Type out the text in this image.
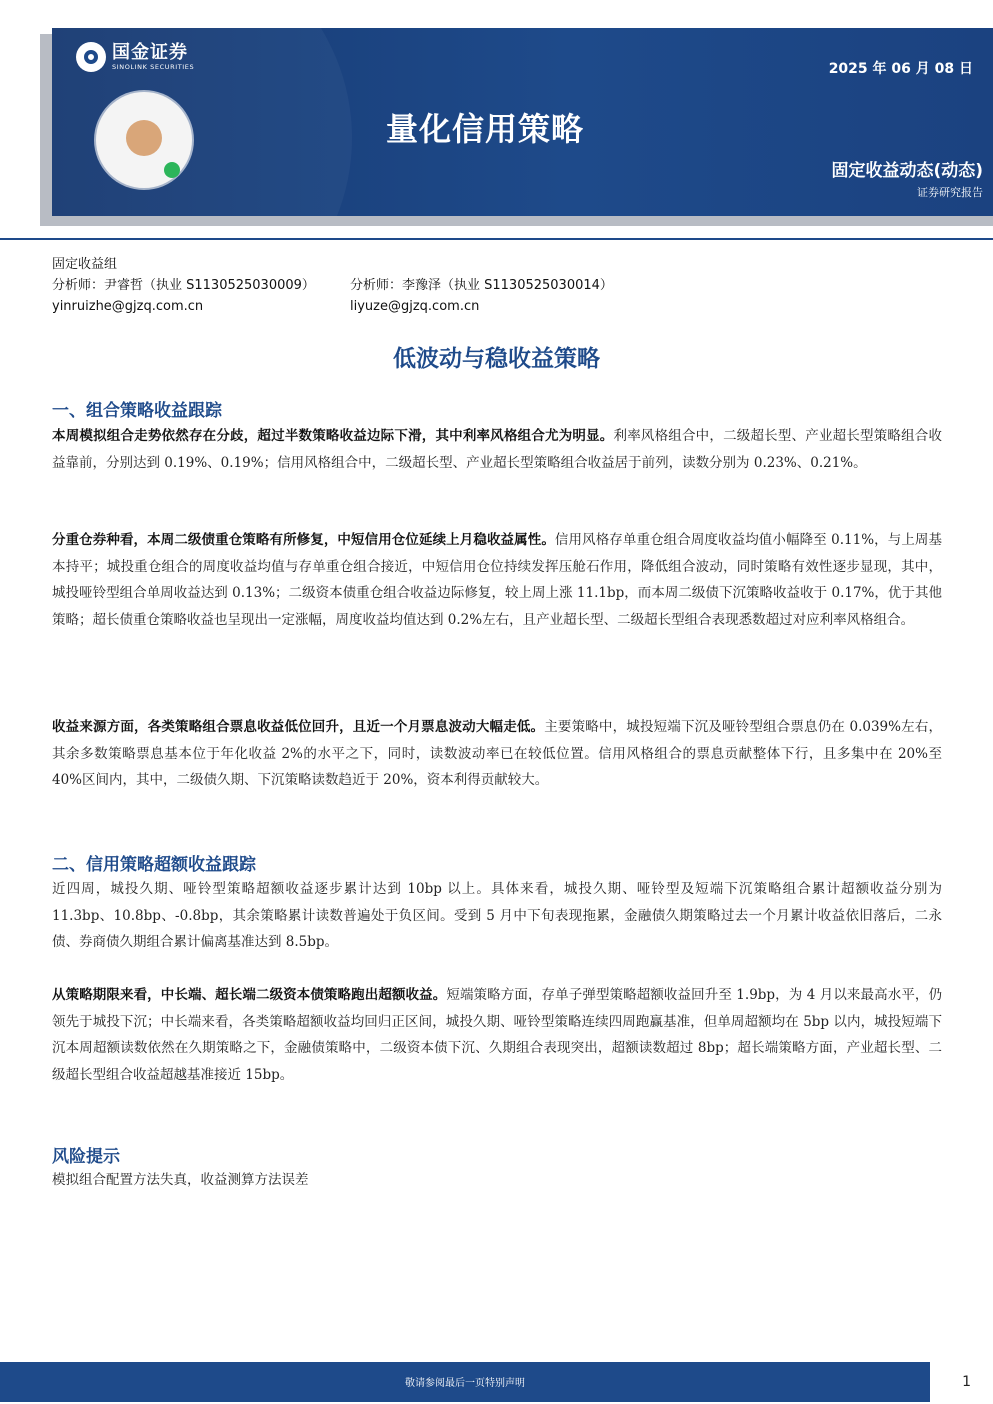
国金证券
SINOLINK SECURITIES	2025 年 06 月 08 日
量化信用策略
固定收益动态(动态)
证券研究报告
固定收益组
分析师：尹睿哲（执业 S1130525030009）	分析师：李豫泽（执业 S1130525030014）
yinruizhe@gjzq.com.cn	liyuze@gjzq.com.cn
低波动与稳收益策略
一、组合策略收益跟踪
本周模拟组合走势依然存在分歧，超过半数策略收益边际下滑，其中利率风格组合尤为明显。利率风格组合中，二级超长型、产业超长型策略组合收益靠前，分别达到 0.19%、0.19%；信用风格组合中，二级超长型、产业超长型策略组合收益居于前列，读数分别为 0.23%、0.21%。
分重仓券种看，本周二级债重仓策略有所修复，中短信用仓位延续上月稳收益属性。信用风格存单重仓组合周度收益均值小幅降至 0.11%，与上周基本持平；城投重仓组合的周度收益均值与存单重仓组合接近，中短信用仓位持续发挥压舱石作用，降低组合波动，同时策略有效性逐步显现，其中，城投哑铃型组合单周收益达到 0.13%；二级资本债重仓组合收益边际修复，较上周上涨 11.1bp，而本周二级债下沉策略收益收于 0.17%，优于其他策略；超长债重仓策略收益也呈现出一定涨幅，周度收益均值达到 0.2%左右，且产业超长型、二级超长型组合表现悉数超过对应利率风格组合。
收益来源方面，各类策略组合票息收益低位回升，且近一个月票息波动大幅走低。主要策略中，城投短端下沉及哑铃型组合票息仍在 0.039%左右，其余多数策略票息基本位于年化收益 2%的水平之下，同时，读数波动率已在较低位置。信用风格组合的票息贡献整体下行，且多集中在 20%至 40%区间内，其中，二级债久期、下沉策略读数趋近于 20%，资本利得贡献较大。
二、信用策略超额收益跟踪
近四周，城投久期、哑铃型策略超额收益逐步累计达到 10bp 以上。具体来看，城投久期、哑铃型及短端下沉策略组合累计超额收益分别为 11.3bp、10.8bp、-0.8bp，其余策略累计读数普遍处于负区间。受到 5 月中下旬表现拖累，金融债久期策略过去一个月累计收益依旧落后，二永债、券商债久期组合累计偏离基准达到 8.5bp。
从策略期限来看，中长端、超长端二级资本债策略跑出超额收益。短端策略方面，存单子弹型策略超额收益回升至 1.9bp，为 4 月以来最高水平，仍领先于城投下沉；中长端来看，各类策略超额收益均回归正区间，城投久期、哑铃型策略连续四周跑赢基准，但单周超额均在 5bp 以内，城投短端下沉本周超额读数依然在久期策略之下，金融债策略中，二级资本债下沉、久期组合表现突出，超额读数超过 8bp；超长端策略方面，产业超长型、二级超长型组合收益超越基准接近 15bp。
风险提示
模拟组合配置方法失真，收益测算方法误差
敬请参阅最后一页特别声明	1
